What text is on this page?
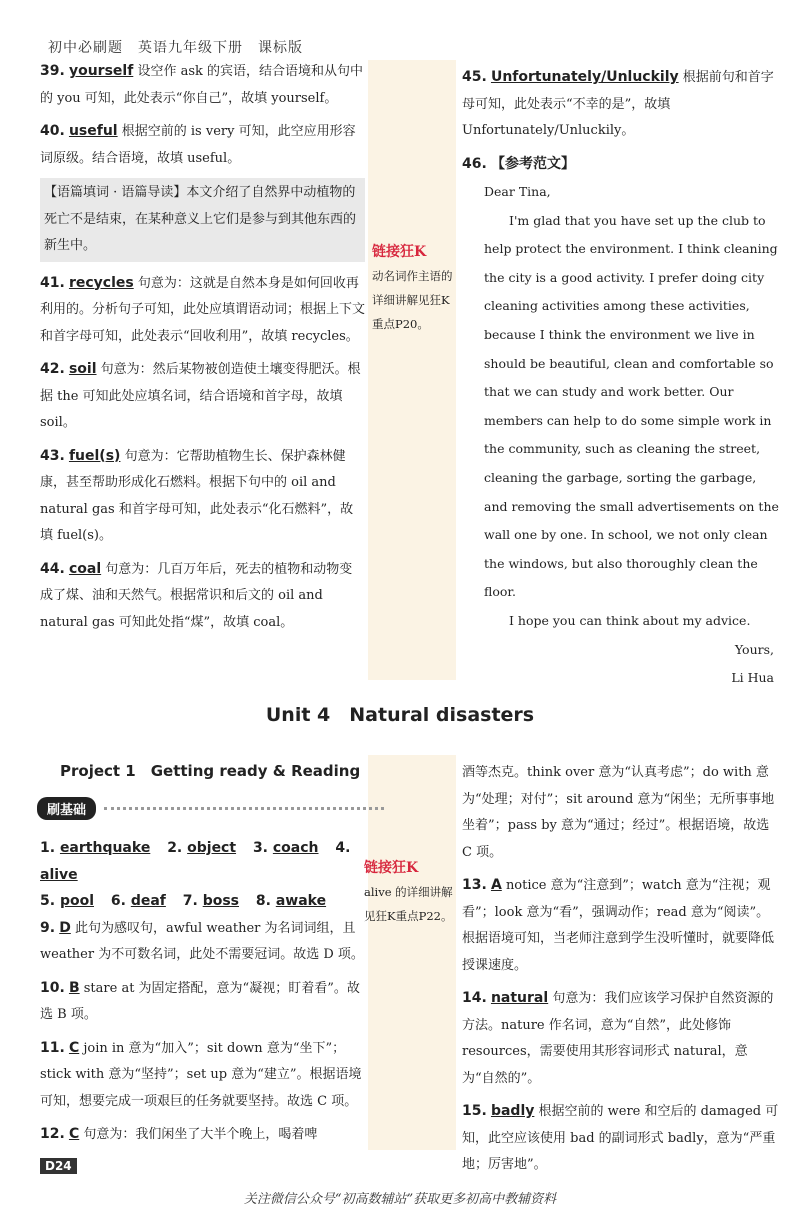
初中必刷题　英语九年级下册　课标版

39. yourself 设空作 ask 的宾语，结合语境和从句中的 you 可知，此处表示“你自己”，故填 yourself。

40. useful 根据空前的 is very 可知，此空应用形容词原级。结合语境，故填 useful。

【语篇填词 · 语篇导读】本文介绍了自然界中动植物的死亡不是结束，在某种意义上它们是参与到其他东西的新生中。

41. recycles 句意为：这就是自然本身是如何回收再利用的。分析句子可知，此处应填谓语动词；根据上下文和首字母可知，此处表示“回收利用”，故填 recycles。

42. soil 句意为：然后某物被创造使土壤变得肥沃。根据 the 可知此处应填名词，结合语境和首字母，故填 soil。

43. fuel(s) 句意为：它帮助植物生长、保护森林健康，甚至帮助形成化石燃料。根据下句中的 oil and natural gas 和首字母可知，此处表示“化石燃料”，故填 fuel(s)。

44. coal 句意为：几百万年后，死去的植物和动物变成了煤、油和天然气。根据常识和后文的 oil and natural gas 可知此处指“煤”，故填 coal。

链接狂K
动名词作主语的详细讲解见狂K重点P20。

45. Unfortunately/Unluckily 根据前句和首字母可知，此处表示“不幸的是”，故填 Unfortunately/Unluckily。

46. 【参考范文】

Dear Tina,

I'm glad that you have set up the club to help protect the environment. I think cleaning the city is a good activity. I prefer doing city cleaning activities among these activities, because I think the environment we live in should be beautiful, clean and comfortable so that we can study and work better. Our members can help to do some simple work in the community, such as cleaning the street, cleaning the garbage, sorting the garbage, and removing the small advertisements on the wall one by one. In school, we not only clean the windows, but also thoroughly clean the floor.

I hope you can think about my advice.

Yours,

Li Hua

Unit 4　Natural disasters
Project 1　Getting ready & Reading
刷基础

1. earthquake 2. object 3. coach 4. alive

5. pool 6. deaf 7. boss 8. awake

9. D 此句为感叹句，awful weather 为名词词组，且 weather 为不可数名词，此处不需要冠词。故选 D 项。

10. B stare at 为固定搭配，意为“凝视；盯着看”。故选 B 项。

11. C join in 意为“加入”；sit down 意为“坐下”；stick with 意为“坚持”；set up 意为“建立”。根据语境可知，想要完成一项艰巨的任务就要坚持。故选 C 项。

12. C 句意为：我们闲坐了大半个晚上，喝着啤

链接狂K
alive 的详细讲解见狂K重点P22。

酒等杰克。think over 意为“认真考虑”；do with 意为“处理；对付”；sit around 意为“闲坐；无所事事地坐着”；pass by 意为“通过；经过”。根据语境，故选 C 项。

13. A notice 意为“注意到”；watch 意为“注视；观看”；look 意为“看”，强调动作；read 意为“阅读”。根据语境可知，当老师注意到学生没听懂时，就要降低授课速度。

14. natural 句意为：我们应该学习保护自然资源的方法。nature 作名词，意为“自然”，此处修饰 resources，需要使用其形容词形式 natural，意为“自然的”。

15. badly 根据空前的 were 和空后的 damaged 可知，此空应该使用 bad 的副词形式 badly，意为“严重地；厉害地”。

D24
关注微信公众号“初高数辅站”获取更多初高中教辅资料
